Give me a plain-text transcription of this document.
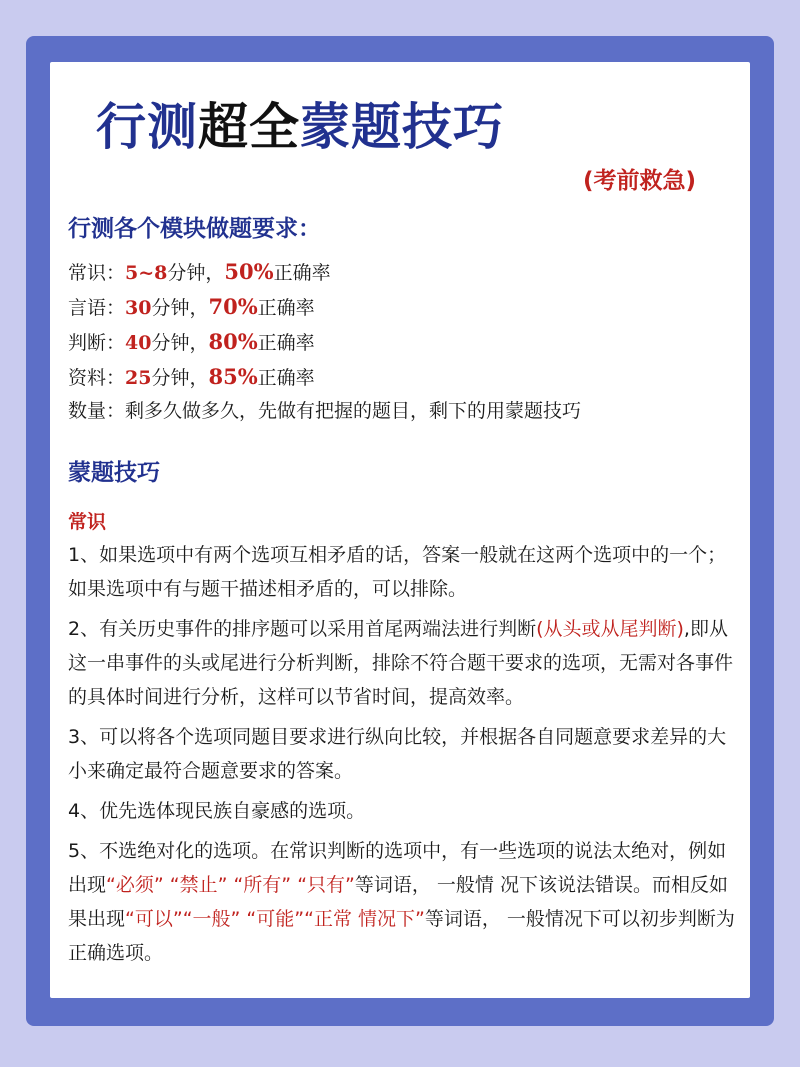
行测超全蒙题技巧
(考前救急)
行测各个模块做题要求：
常识：5~8分钟，50%正确率
言语：30分钟，70%正确率
判断：40分钟，80%正确率
资料：25分钟，85%正确率
数量：剩多久做多久，先做有把握的题目，剩下的用蒙题技巧
蒙题技巧
常识
1、如果选项中有两个选项互相矛盾的话，答案一般就在这两个选项中的一个；如果选项中有与题干描述相矛盾的，可以排除。
2、有关历史事件的排序题可以采用首尾两端法进行判断(从头或从尾判断),即从这一串事件的头或尾进行分析判断，排除不符合题干要求的选项，无需对各事件的具体时间进行分析，这样可以节省时间，提高效率。
3、可以将各个选项同题目要求进行纵向比较，并根据各自同题意要求差异的大小来确定最符合题意要求的答案。
4、优先选体现民族自豪感的选项。
5、不选绝对化的选项。在常识判断的选项中，有一些选项的说法太绝对，例如出现“必须” “禁止” “所有” “只有”等词语， 一般情 况下该说法错误。而相反如果出现“可以”“一般” “可能”“正常 情况下”等词语， 一般情况下可以初步判断为正确选项。
